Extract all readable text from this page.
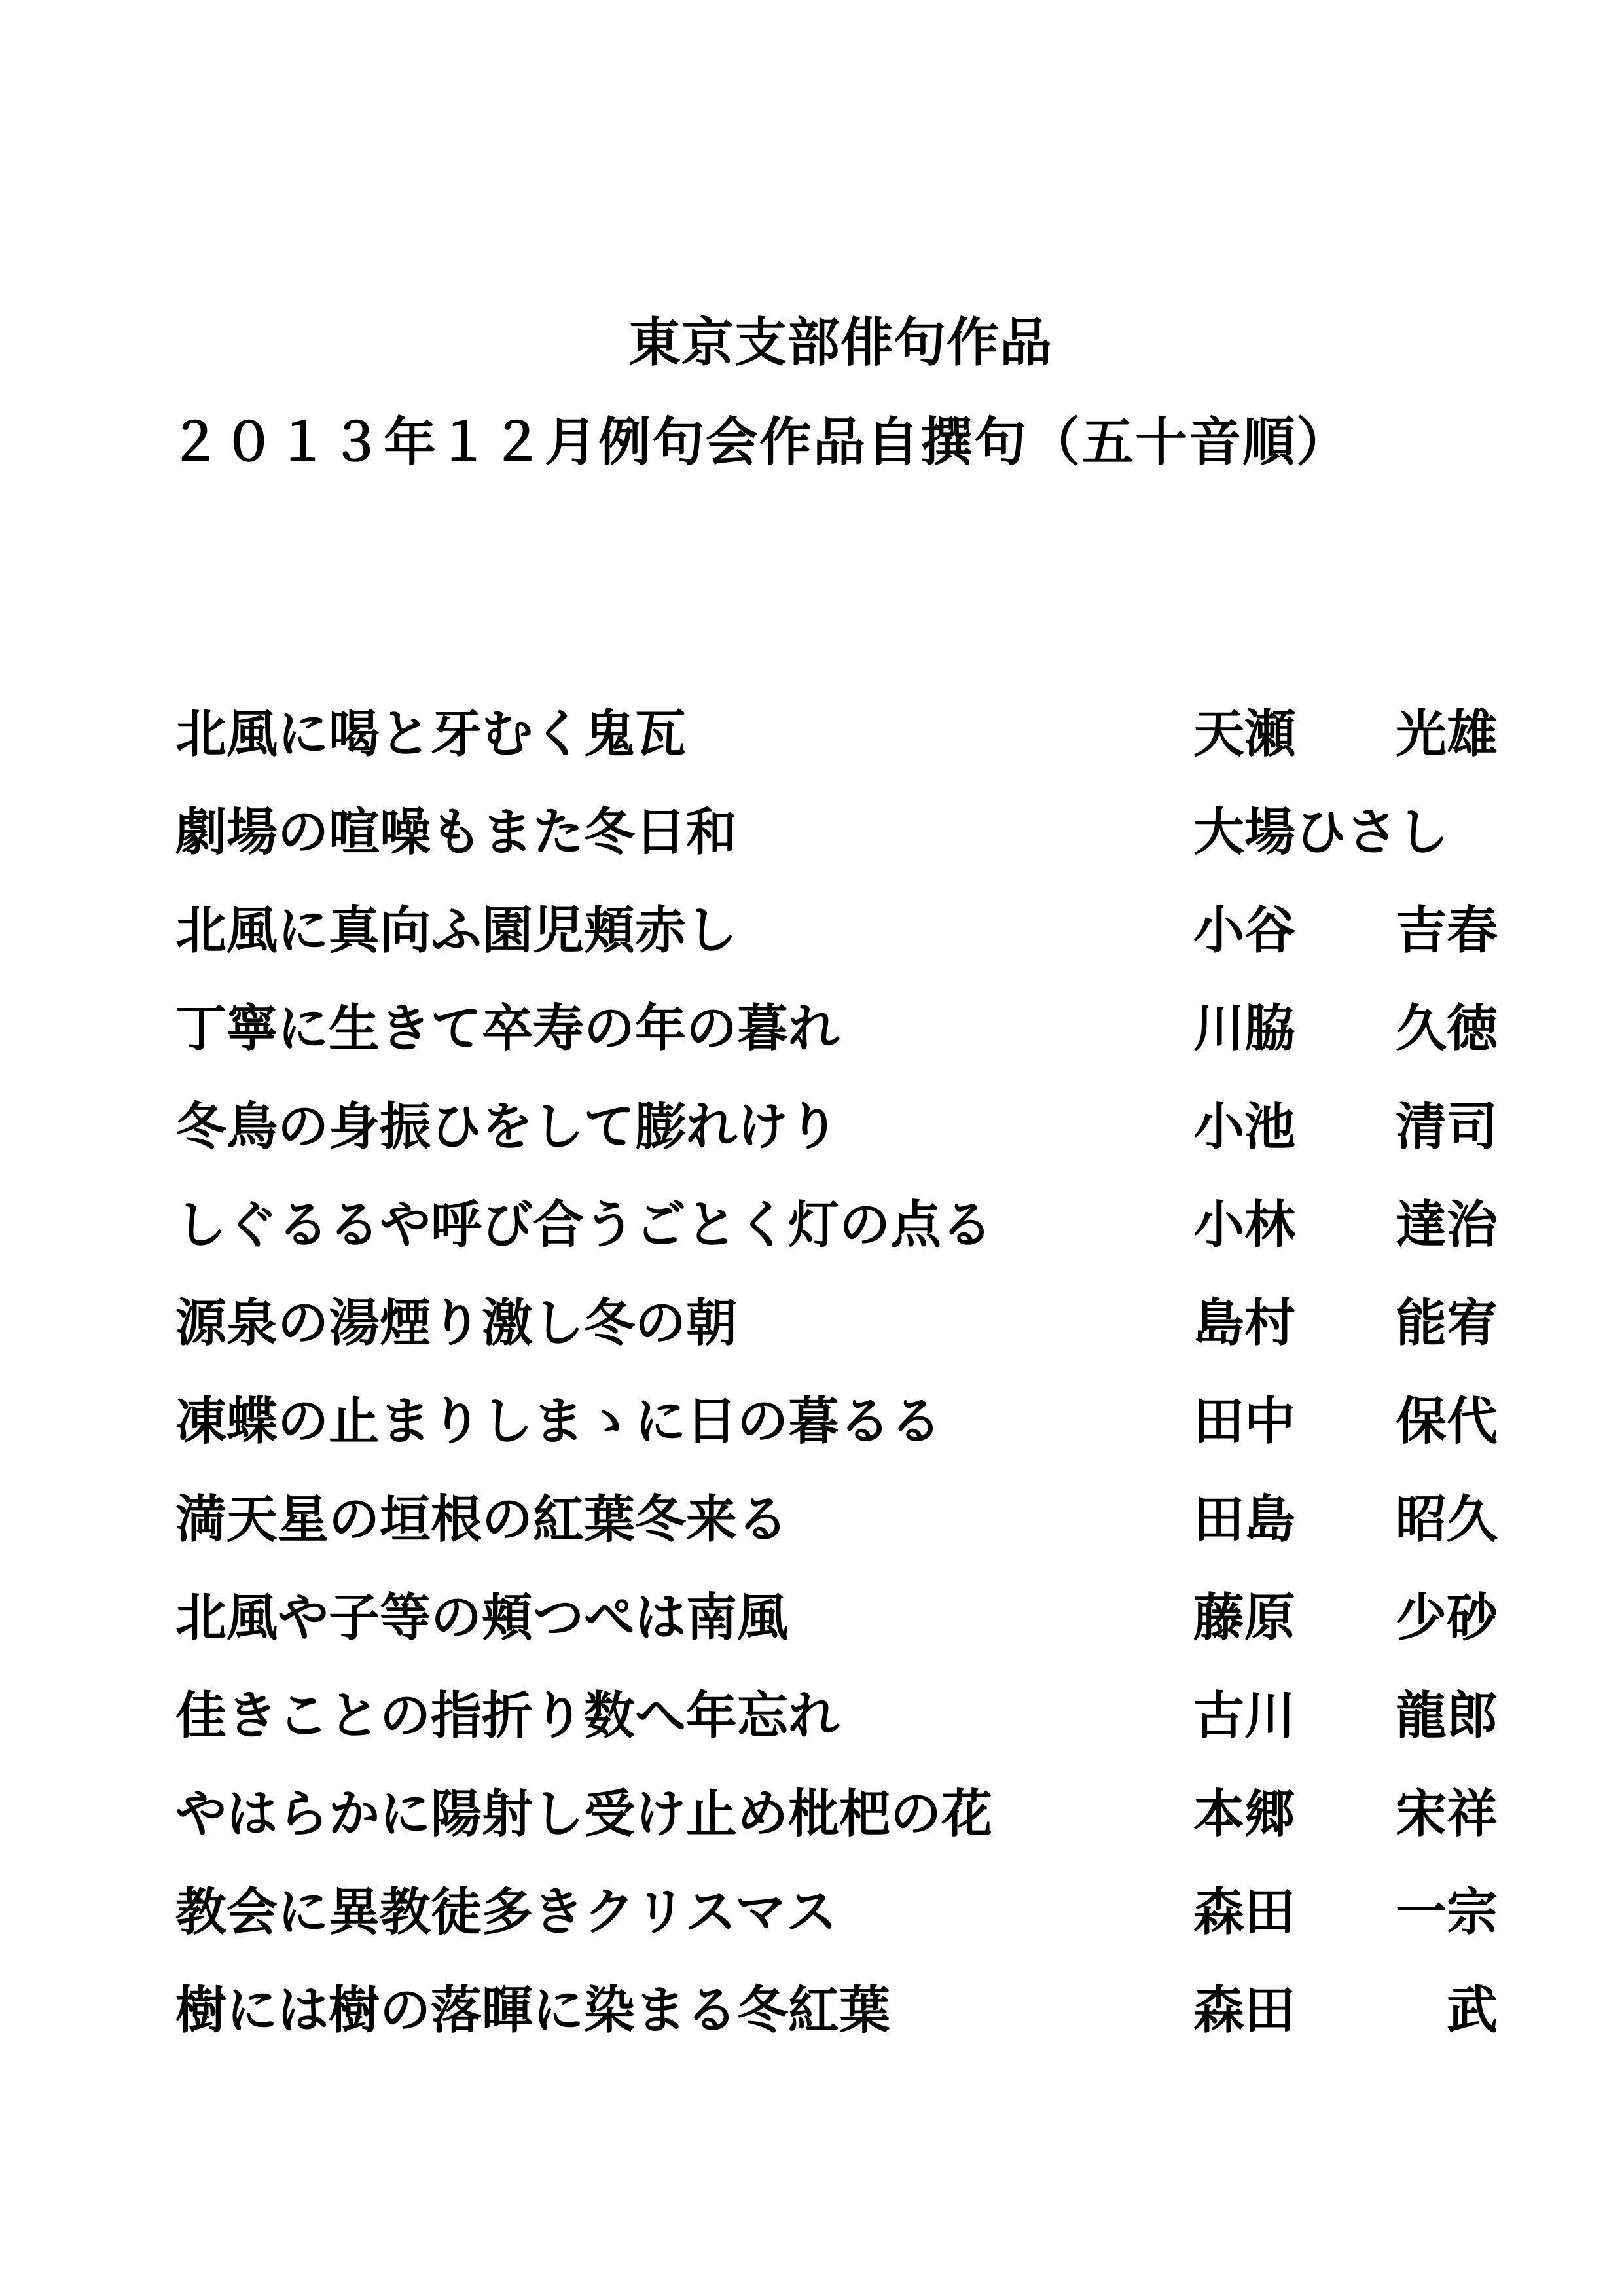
東京支部俳句作品
２０１３年１２月例句会作品自撰句（五十音順）
北風に喝と牙むく鬼瓦	天瀬 光雄
劇場の喧噪もまた冬日和	大場ひさし
北風に真向ふ園児頬赤し	小谷 吉春
丁寧に生きて卒寿の年の暮れ	川脇 久徳
冬鳥の身振ひをして膨れけり	小池 清司
しぐるるや呼び合うごとく灯の点る	小林 達治
源泉の湯煙り激し冬の朝	島村 能宥
凍蝶の止まりしまゝに日の暮るる	田中 保代
満天星の垣根の紅葉冬来る	田島 昭久
北風や子等の頬つぺは南風	藤原 少砂
佳きことの指折り数へ年忘れ	古川 龍郎
やはらかに陽射し受け止め枇杷の花	本郷 宋祥
教会に異教徒多きクリスマス	森田 一宗
樹には樹の落暉に染まる冬紅葉	森田	武
